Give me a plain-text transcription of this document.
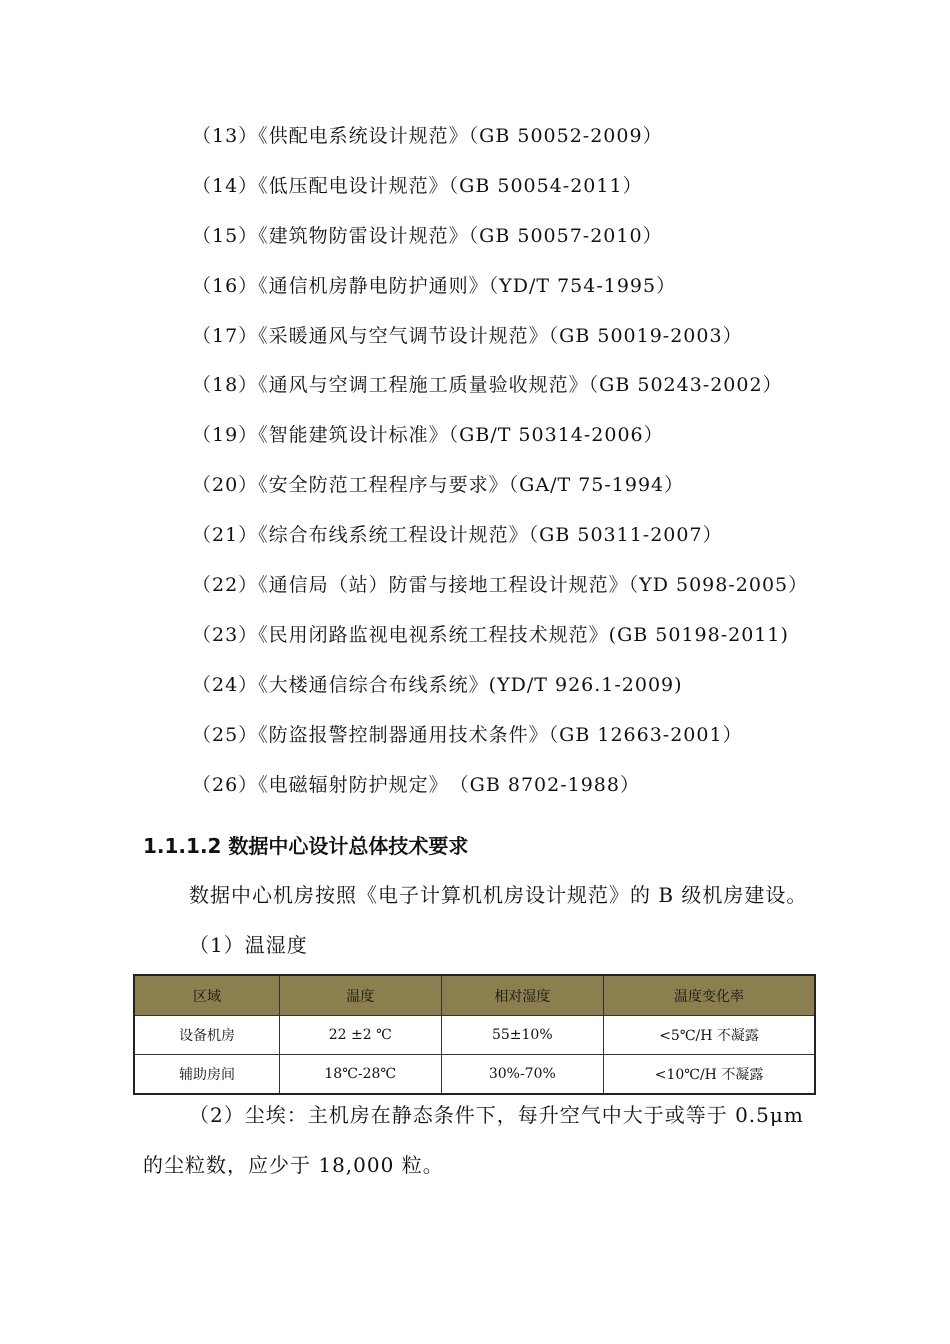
（13）《供配电系统设计规范》（GB 50052-2009）
（14）《低压配电设计规范》（GB 50054-2011）
（15）《建筑物防雷设计规范》（GB 50057-2010）
（16）《通信机房静电防护通则》（YD/T 754-1995）
（17）《采暖通风与空气调节设计规范》（GB 50019-2003）
（18）《通风与空调工程施工质量验收规范》（GB 50243-2002）
（19）《智能建筑设计标准》（GB/T 50314-2006）
（20）《安全防范工程程序与要求》（GA/T 75-1994）
（21）《综合布线系统工程设计规范》（GB 50311-2007）
（22）《通信局（站）防雷与接地工程设计规范》（YD 5098-2005）
（23）《民用闭路监视电视系统工程技术规范》(GB 50198-2011)
（24）《大楼通信综合布线系统》(YD/T 926.1-2009)
（25）《防盗报警控制器通用技术条件》（GB 12663-2001）
（26）《电磁辐射防护规定》　（GB 8702-1988）
1.1.1.2 数据中心设计总体技术要求

数据中心机房按照《电子计算机机房设计规范》的 B 级机房建设。

（1）温湿度

区域	温度	相对湿度	温度变化率
设备机房	22 ±2 ℃	55±10%	<5℃/H 不凝露
辅助房间	18℃-28℃	30%-70%	<10℃/H 不凝露

（2）尘埃：主机房在静态条件下，每升空气中大于或等于 0.5μm 的尘粒数，应少于 18,000 粒。
